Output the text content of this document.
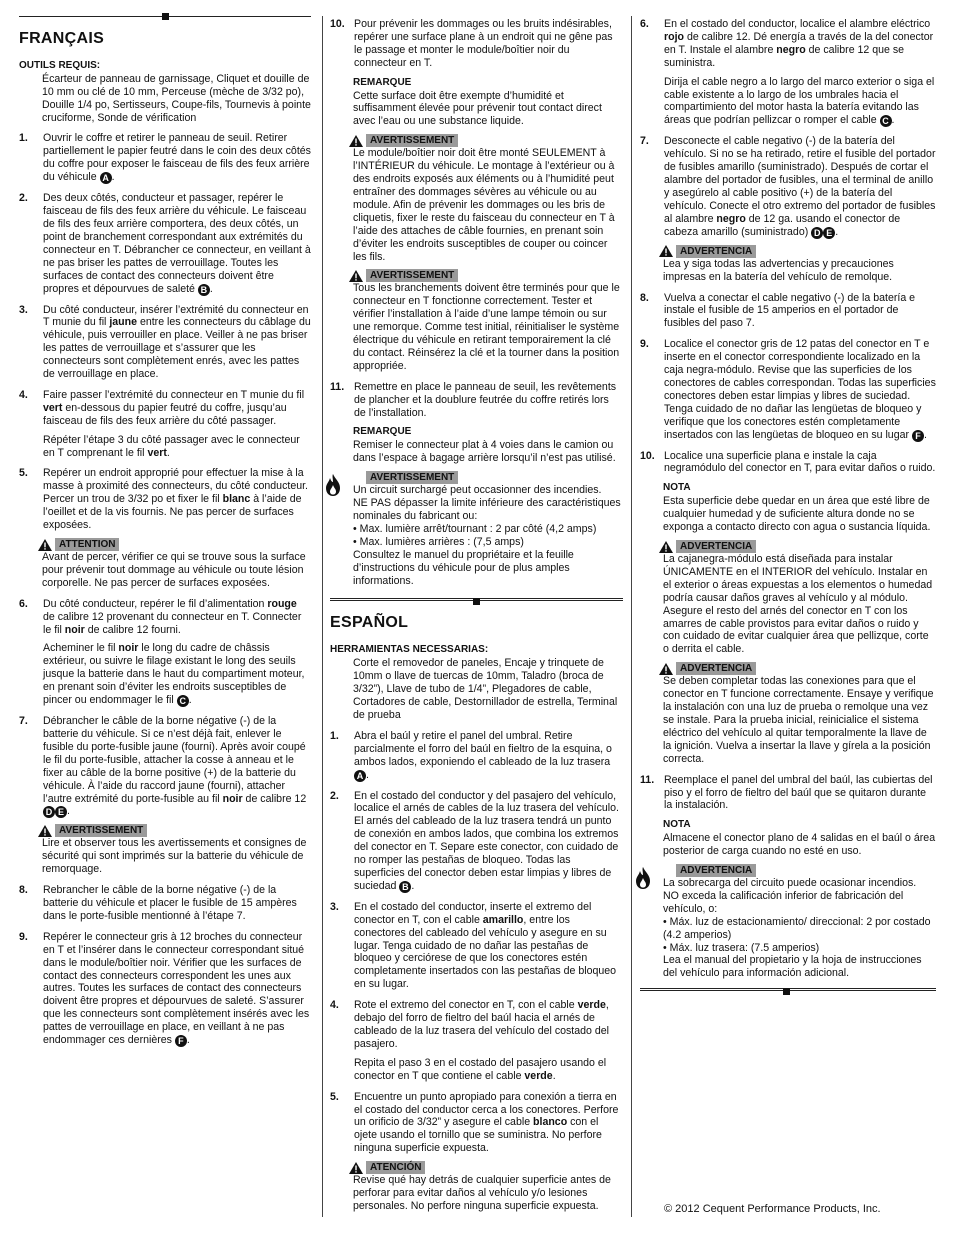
FRANÇAIS
OUTILS REQUIS:
Écarteur de panneau de garnissage, Cliquet et douille de 10 mm ou clé de 10 mm, Perceuse (mèche de 3/32 po), Douille 1/4 po, Sertisseurs, Coupe-fils, Tournevis à pointe cruciforme, Sonde de vérification
1.	Ouvrir le coffre et retirer le panneau de seuil. Retirer partiellement le papier feutré dans le coin des deux côtés du coffre pour exposer le faisceau de fils des feux arrière du véhicule A .
2.	Des deux côtés, conducteur et passager, repérer le faisceau de fils des feux arrière du véhicule. Le faisceau de fils des feux arrière comportera, des deux côtés, un point de branchement correspondant aux extrémités du connecteur en T. Débrancher ce connecteur, en veillant à ne pas briser les pattes de verrouillage. Toutes les surfaces de contact des connecteurs doivent être propres et dépourvues de saleté B .
3.	Du côté conducteur, insérer l’extrémité du connecteur en T munie du fil jaune entre les connecteurs du câblage du véhicule, puis verrouiller en place. Veiller à ne pas briser les pattes de verrouillage et s’assurer que les connecteurs sont complètement enrés, avec les pattes de verrouillage en place.
4.	Faire passer l’extrémité du connecteur en T munie du fil vert en-dessous du papier feutré du coffre, jusqu’au faisceau de fils des feux arrière du côté passager.
Répéter l’étape 3 du côté passager avec le connecteur en T comprenant le fil vert.
5.	Repérer un endroit approprié pour effectuer la mise à la masse à proximité des connecteurs, du côté conducteur. Percer un trou de 3/32 po et fixer le fil blanc à l’aide de l’oeillet et de la vis fournis. Ne pas percer de surfaces exposées.
ATTENTION
Avant de percer, vérifier ce qui se trouve sous la surface pour prévenir tout dommage au véhicule ou toute lésion corporelle. Ne pas percer de surfaces exposées.
6.	Du côté conducteur, repérer le fil d’alimentation rouge de calibre 12 provenant du connecteur en T. Connecter le fil noir de calibre 12 fourni.
Acheminer le fil noir le long du cadre de châssis extérieur, ou suivre le filage existant le long des seuils jusque la batterie dans le haut du compartiment moteur, en prenant soin d’éviter les endroits susceptibles de pincer ou endommager le fil C .
7.	Débrancher le câble de la borne négative (-) de la batterie du véhicule. Si ce n’est déjà fait, enlever le fusible du porte-fusible jaune (fourni). Après avoir coupé le fil du porte-fusible, attacher la cosse à anneau et le fixer au câble de la borne positive (+) de la batterie du véhicule. À l’aide du raccord jaune (fourni), attacher l’autre extrémité du porte-fusible au fil noir de calibre 12 D E .
AVERTISSEMENT
Lire et observer tous les avertissements et consignes de sécurité qui sont imprimés sur la batterie du véhicule de remorquage.
8.	Rebrancher le câble de la borne négative (-) de la batterie du véhicule et placer le fusible de 15 ampères dans le porte-fusible mentionné à l’étape 7.
9.	Repérer le connecteur gris à 12 broches du connecteur en T et l’insérer dans le connecteur correspondant situé dans le module/boîtier noir. Vérifier que les surfaces de contact des connecteurs correspondent les unes aux autres. Toutes les surfaces de contact des connecteurs doivent être propres et dépourvues de saleté. S’assurer que les connecteurs sont complètement insérés avec les pattes de verrouillage en place, en veillant à ne pas endommager ces dernières F .
10. Pour prévenir les dommages ou les bruits indésirables, repérer une surface plane à un endroit qui ne gêne pas le passage et monter le module/boîtier noir du connecteur en T.
REMARQUE
Cette surface doit être exempte d’humidité et suffisamment élevée pour prévenir tout contact direct avec l’eau ou une substance liquide.
AVERTISSEMENT
Le module/boîtier noir doit être monté SEULEMENT à l’INTÉRIEUR du véhicule. Le montage à l’extérieur ou à des endroits exposés aux éléments ou à l’humidité peut entraîner des dommages sévères au véhicule ou au module. Afin de prévenir les dommages ou les bris de cliquetis, fixer le reste du faisceau du connecteur en T à l’aide des attaches de câble fournies, en prenant soin d’éviter les endroits susceptibles de couper ou coincer les fils.
AVERTISSEMENT
Tous les branchements doivent être terminés pour que le connecteur en T fonctionne correctement. Tester et vérifier l’installation à l’aide d’une lampe témoin ou sur une remorque. Comme test initial, réinitialiser le système électrique du véhicule en retirant temporairement la clé du contact. Réinsérez la clé et la tourner dans la position appropriée.
11. Remettre en place le panneau de seuil, les revêtements de plancher et la doublure feutrée du coffre retirés lors de l’installation.
REMARQUE
Remiser le connecteur plat à 4 voies dans le camion ou dans l’espace à bagage arrière lorsqu’il n’est pas utilisé.
AVERTISSEMENT
Un circuit surchargé peut occasionner des incendies.
NE PAS dépasser la limite inférieure des caractéristiques nominales du fabricant ou:
• Max. lumière arrêt/tournant : 2 par côté (4,2 amps)
• Max. lumières arrières : (7,5 amps)
Consultez le manuel du propriétaire et la feuille d’instructions du véhicule pour de plus amples informations.
ESPAÑOL
HERRAMIENTAS NECESSARIAS:
Corte el removedor de paneles, Encaje y trinquete de 10mm o llave de tuercas de 10mm, Taladro (broca de 3/32”), Llave de tubo de 1/4”, Plegadores de cable, Cortadores de cable, Destornillador de estrella, Terminal de prueba
1.	Abra el baúl y retire el panel del umbral. Retire parcialmente el forro del baúl en fieltro de la esquina, o ambos lados, exponiendo el cableado de la luz trasera A .
2.	En el costado del conductor y del pasajero del vehículo, localice el arnés de cables de la luz trasera del vehículo. El arnés del cableado de la luz trasera tendrá un punto de conexión en ambos lados, que combina los extremos del conector en T. Separe este conector, con cuidado de no romper las pestañas de bloqueo. Todas las superficies del conector deben estar limpias y libres de suciedad B .
3.	En el costado del conductor, inserte el extremo del conector en T, con el cable amarillo, entre los conectores del cableado del vehículo y asegure en su lugar. Tenga cuidado de no dañar las pestañas de bloqueo y cerciórese de que los conectores estén completamente insertados con las pestañas de bloqueo en su lugar.
4.	Rote el extremo del conector en T, con el cable verde, debajo del forro de fieltro del baúl hacia el arnés de cableado de la luz trasera del vehículo del costado del pasajero.
Repita el paso 3 en el costado del pasajero usando el conector en T que contiene el cable verde.
5.	Encuentre un punto apropiado para conexión a tierra en el costado del conductor cerca a los conectores. Perfore un orificio de 3/32” y asegure el cable blanco con el ojete usando el tornillo que se suministra. No perfore ninguna superficie expuesta.
ATENCIÓN
Revise qué hay detrás de cualquier superficie antes de perforar para evitar daños al vehículo y/o lesiones personales. No perfore ninguna superficie expuesta.
6.	En el costado del conductor, localice el alambre eléctrico rojo de calibre 12. Dé energía a través de la del conector en T. Instale el alambre negro de calibre 12 que se suministra.
Dirija el cable negro a lo largo del marco exterior o siga el cable existente a lo largo de los umbrales hacia el compartimiento del motor hasta la batería evitando las áreas que podrían pellizcar o romper el cable C .
7.	Desconecte el cable negativo (-) de la batería del vehículo. Si no se ha retirado, retire el fusible del portador de fusibles amarillo (suministrado). Después de cortar el alambre del portador de fusibles, una el terminal de anillo y asegúrelo al cable positivo (+) de la batería del vehículo. Conecte el otro extremo del portador de fusibles al alambre negro de 12 ga. usando el conector de cabeza amarillo (suministrado) D E .
ADVERTENCIA
Lea y siga todas las advertencias y precauciones impresas en la batería del vehículo de remolque.
8.	Vuelva a conectar el cable negativo (-) de la batería e instale el fusible de 15 amperios en el portador de fusibles del paso 7.
9.	Localice el conector gris de 12 patas del conector en T e inserte en el conector correspondiente localizado en la caja negra-módulo. Revise que las superficies de los conectores de cables correspondan. Todas las superficies conectores deben estar limpias y libres de suciedad. Tenga cuidado de no dañar las lengüetas de bloqueo y verifique que los conectores estén completamente insertados con las lengüetas de bloqueo en su lugar F .
10. Localice una superficie plana e instale la caja negramódulo del conector en T, para evitar daños o ruido.
NOTA
Esta superficie debe quedar en un área que esté libre de cualquier humedad y de suficiente altura donde no se exponga a contacto directo con agua o sustancia líquida.
ADVERTENCIA
La cajanegra-módulo está diseñada para instalar ÚNICAMENTE en el INTERIOR del vehículo. Instalar en el exterior o áreas expuestas a los elementos o humedad podría causar daños graves al vehículo y al módulo. Asegure el resto del arnés del conector en T con los amarres de cable provistos para evitar daños o ruido y con cuidado de evitar cualquier área que pellizque, corte o derrita el cable.
ADVERTENCIA
Se deben completar todas las conexiones para que el conector en T funcione correctamente. Ensaye y verifique la instalación con una luz de prueba o remolque una vez se instale. Para la prueba inicial, reinicialice el sistema eléctrico del vehículo al quitar temporalmente la llave de la ignición. Vuelva a insertar la llave y gírela a la posición correcta.
11. Reemplace el panel del umbral del baúl, las cubiertas del piso y el forro de fieltro del baúl que se quitaron durante la instalación.
NOTA
Almacene el conector plano de 4 salidas en el baúl o área posterior de carga cuando no esté en uso.
ADVERTENCIA
La sobrecarga del circuito puede ocasionar incendios.
NO exceda la calificación inferior de fabricación del vehículo, o:
• Máx. luz de estacionamiento/ direccional: 2 por costado (4.2 amperios)
• Máx. luz trasera: (7.5 amperios)
Lea el manual del propietario y la hoja de instrucciones del vehículo para información adicional.
© 2012 Cequent Performance Products, Inc.
